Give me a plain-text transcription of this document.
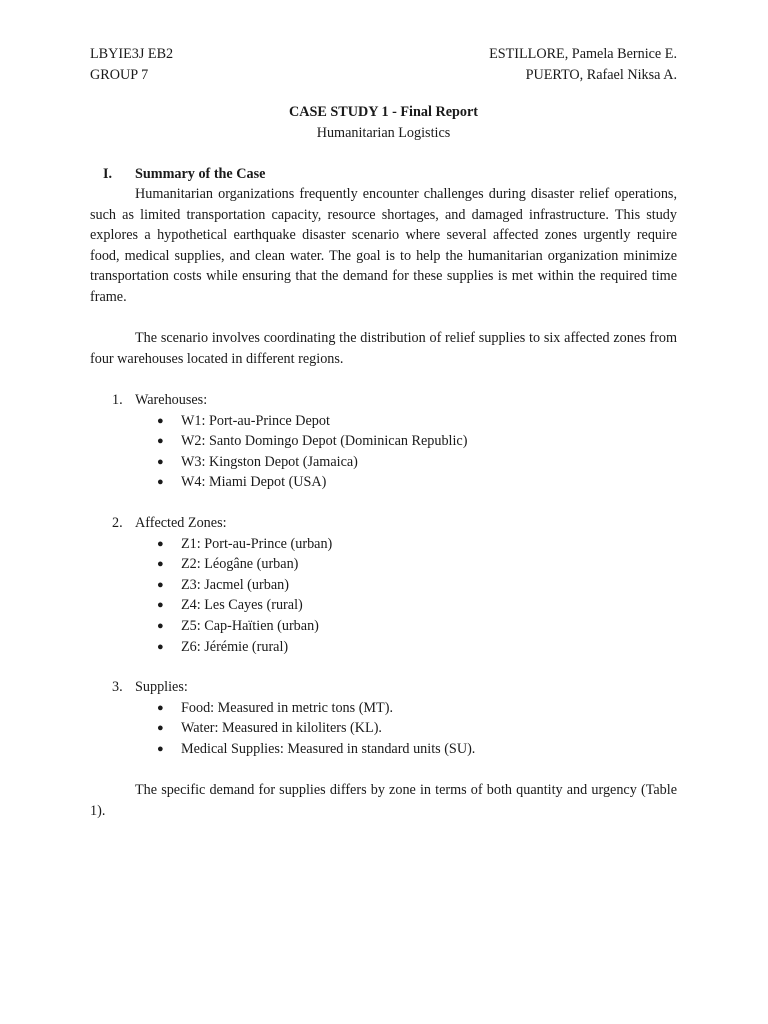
LBYIE3J EB2	ESTILLORE, Pamela Bernice E.
GROUP 7	PUERTO, Rafael Niksa A.
CASE STUDY 1 - Final Report
Humanitarian Logistics
I. Summary of the Case

Humanitarian organizations frequently encounter challenges during disaster relief operations, such as limited transportation capacity, resource shortages, and damaged infrastructure. This study explores a hypothetical earthquake disaster scenario where several affected zones urgently require food, medical supplies, and clean water. The goal is to help the humanitarian organization minimize transportation costs while ensuring that the demand for these supplies is met within the required time frame.

The scenario involves coordinating the distribution of relief supplies to six affected zones from four warehouses located in different regions.

1. Warehouses:
● W1: Port-au-Prince Depot
● W2: Santo Domingo Depot (Dominican Republic)
● W3: Kingston Depot (Jamaica)
● W4: Miami Depot (USA)
2. Affected Zones:
● Z1: Port-au-Prince (urban)
● Z2: Léogâne (urban)
● Z3: Jacmel (urban)
● Z4: Les Cayes (rural)
● Z5: Cap-Haïtien (urban)
● Z6: Jérémie (rural)
3. Supplies:
● Food: Measured in metric tons (MT).
● Water: Measured in kiloliters (KL).
● Medical Supplies: Measured in standard units (SU).

The specific demand for supplies differs by zone in terms of both quantity and urgency (Table 1).
